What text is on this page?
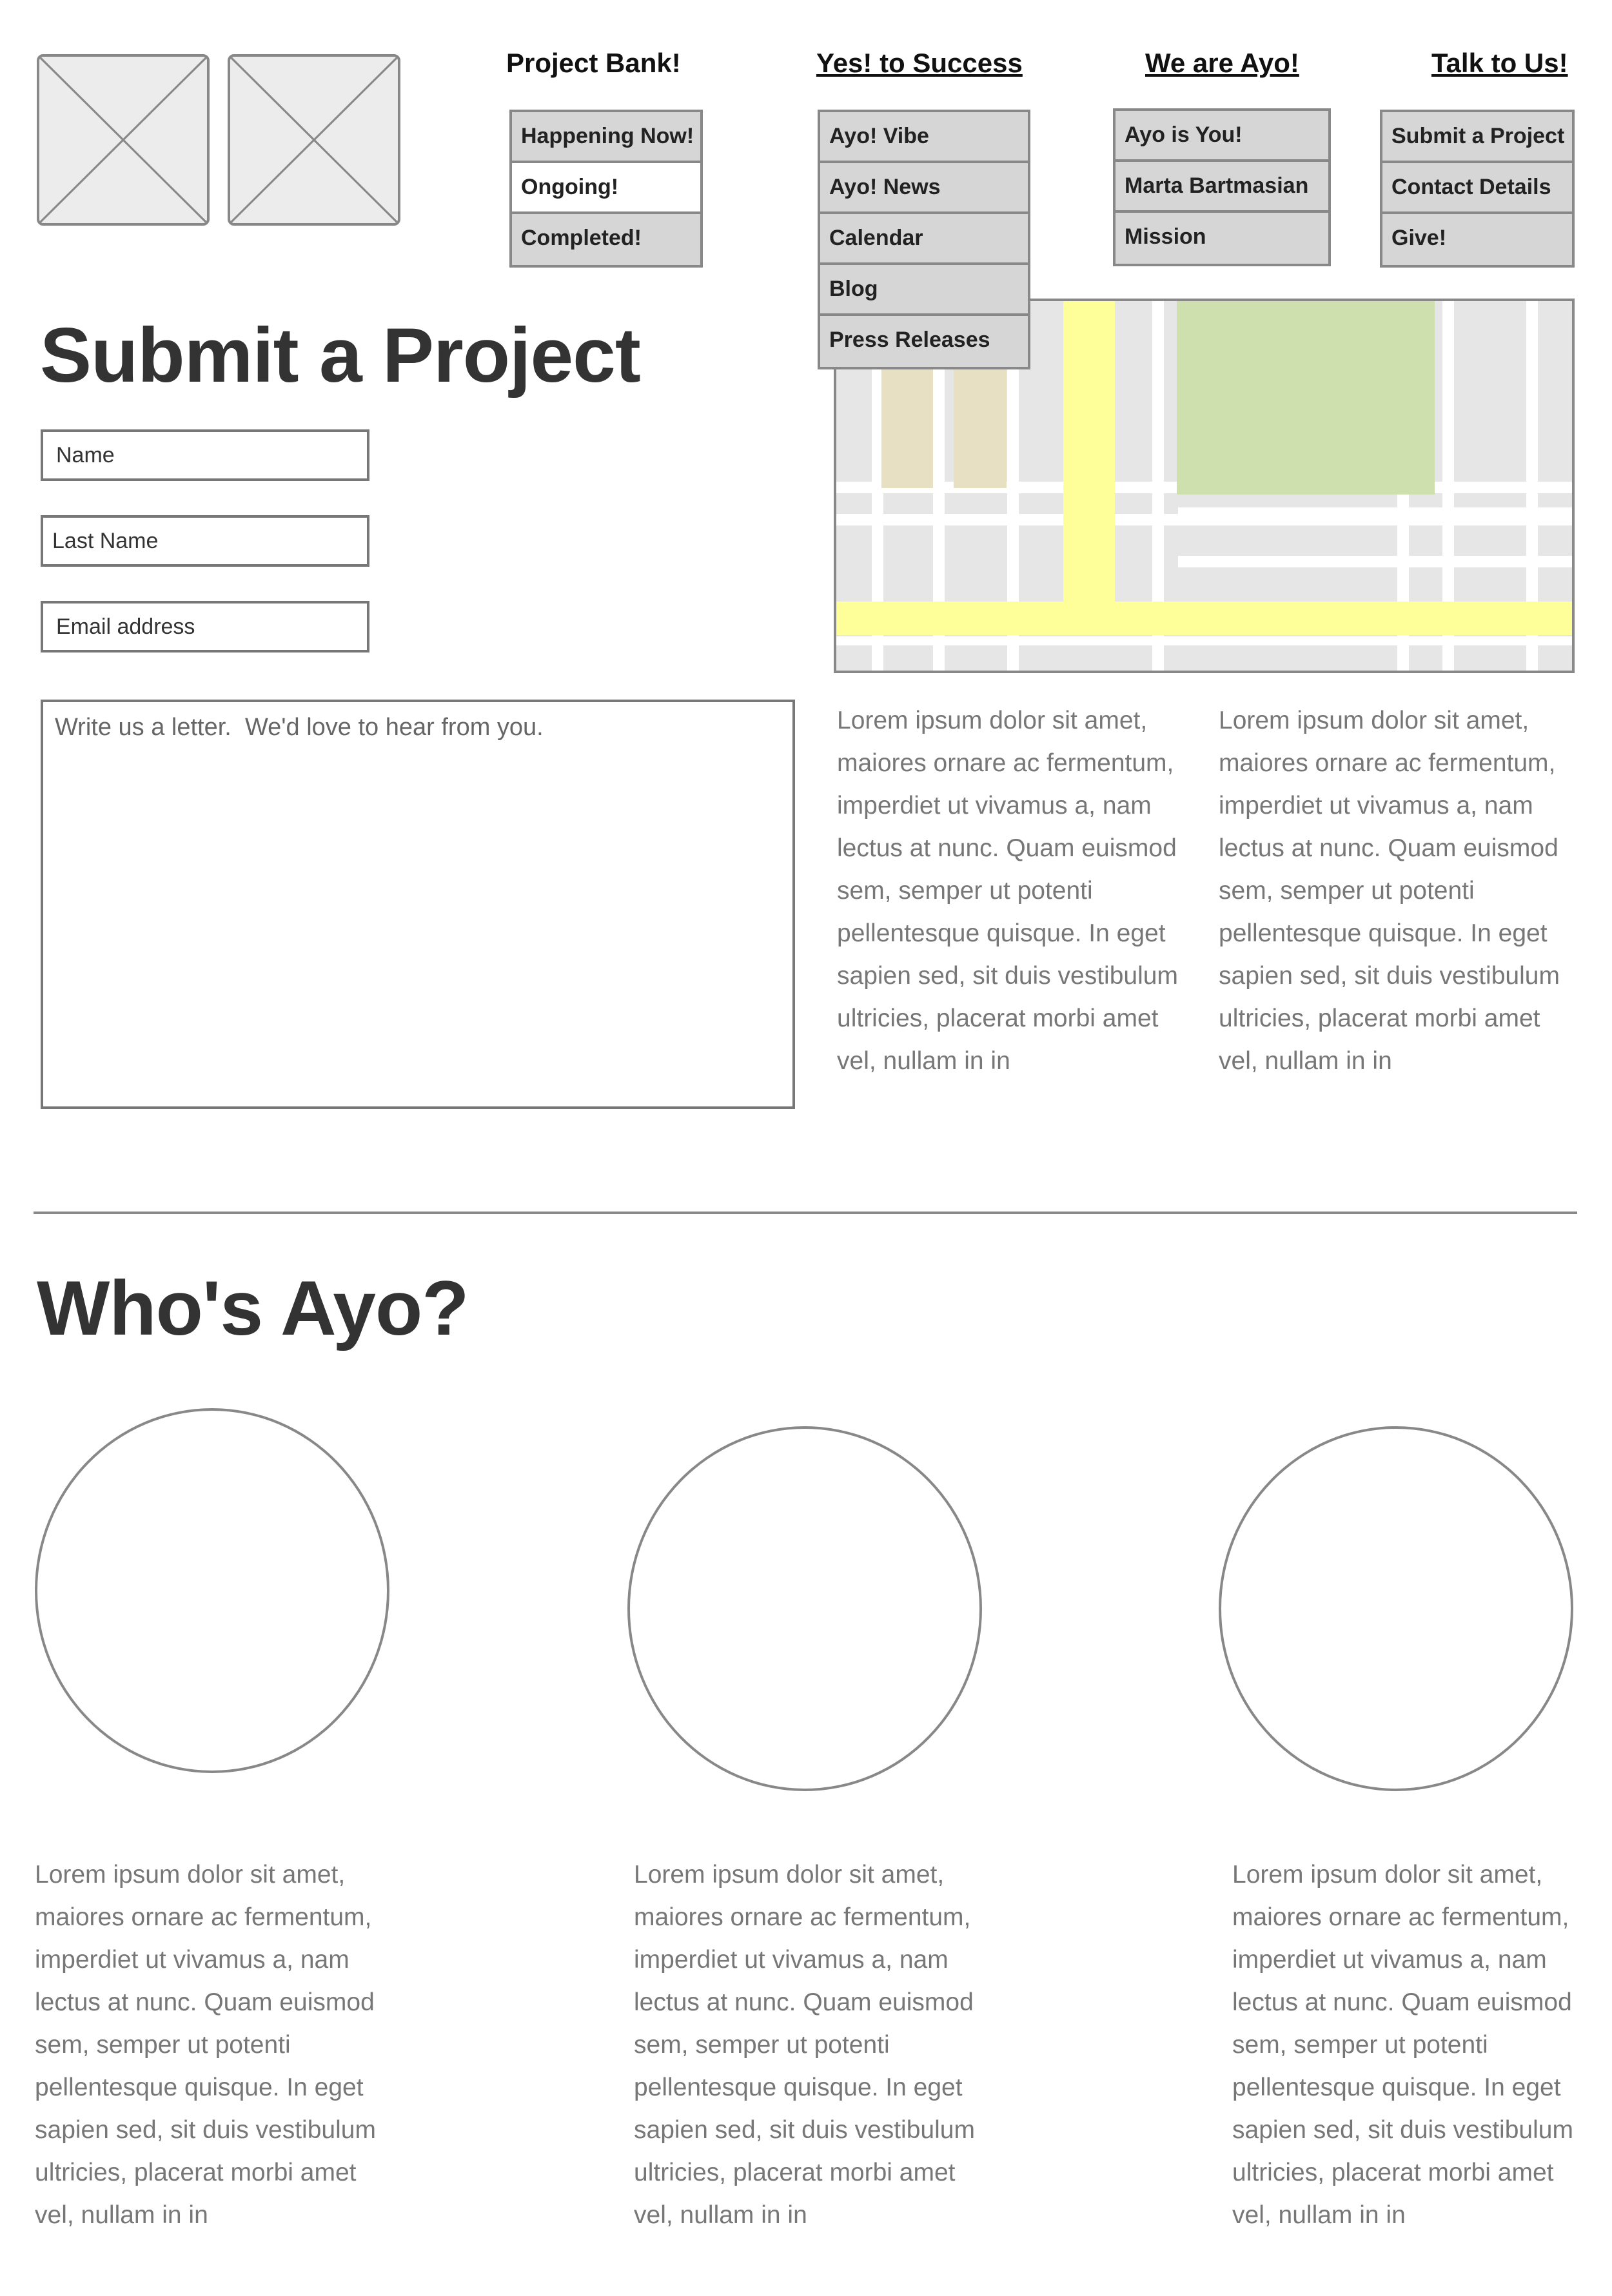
Project Bank!
Happening Now!
Ongoing!
Completed!
Yes! to Success
Ayo! Vibe
Ayo! News
Calendar
Blog
Press Releases
We are Ayo!
Ayo is You!
Marta Bartmasian
Mission
Talk to Us!
Submit a Project
Contact Details
Give!
Submit a Project
Name
Last Name
Email address
Write us a letter. We'd love to hear from you.
Lorem ipsum dolor sit amet, maiores ornare ac fermentum, imperdiet ut vivamus a, nam lectus at nunc. Quam euismod sem, semper ut potenti pellentesque quisque. In eget sapien sed, sit duis vestibulum ultricies, placerat morbi amet vel, nullam in in
Lorem ipsum dolor sit amet, maiores ornare ac fermentum, imperdiet ut vivamus a, nam lectus at nunc. Quam euismod sem, semper ut potenti pellentesque quisque. In eget sapien sed, sit duis vestibulum ultricies, placerat morbi amet vel, nullam in in
Who's Ayo?
Lorem ipsum dolor sit amet, maiores ornare ac fermentum, imperdiet ut vivamus a, nam lectus at nunc. Quam euismod sem, semper ut potenti pellentesque quisque. In eget sapien sed, sit duis vestibulum ultricies, placerat morbi amet vel, nullam in in
Lorem ipsum dolor sit amet, maiores ornare ac fermentum, imperdiet ut vivamus a, nam lectus at nunc. Quam euismod sem, semper ut potenti pellentesque quisque. In eget sapien sed, sit duis vestibulum ultricies, placerat morbi amet vel, nullam in in
Lorem ipsum dolor sit amet, maiores ornare ac fermentum, imperdiet ut vivamus a, nam lectus at nunc. Quam euismod sem, semper ut potenti pellentesque quisque. In eget sapien sed, sit duis vestibulum ultricies, placerat morbi amet vel, nullam in in
